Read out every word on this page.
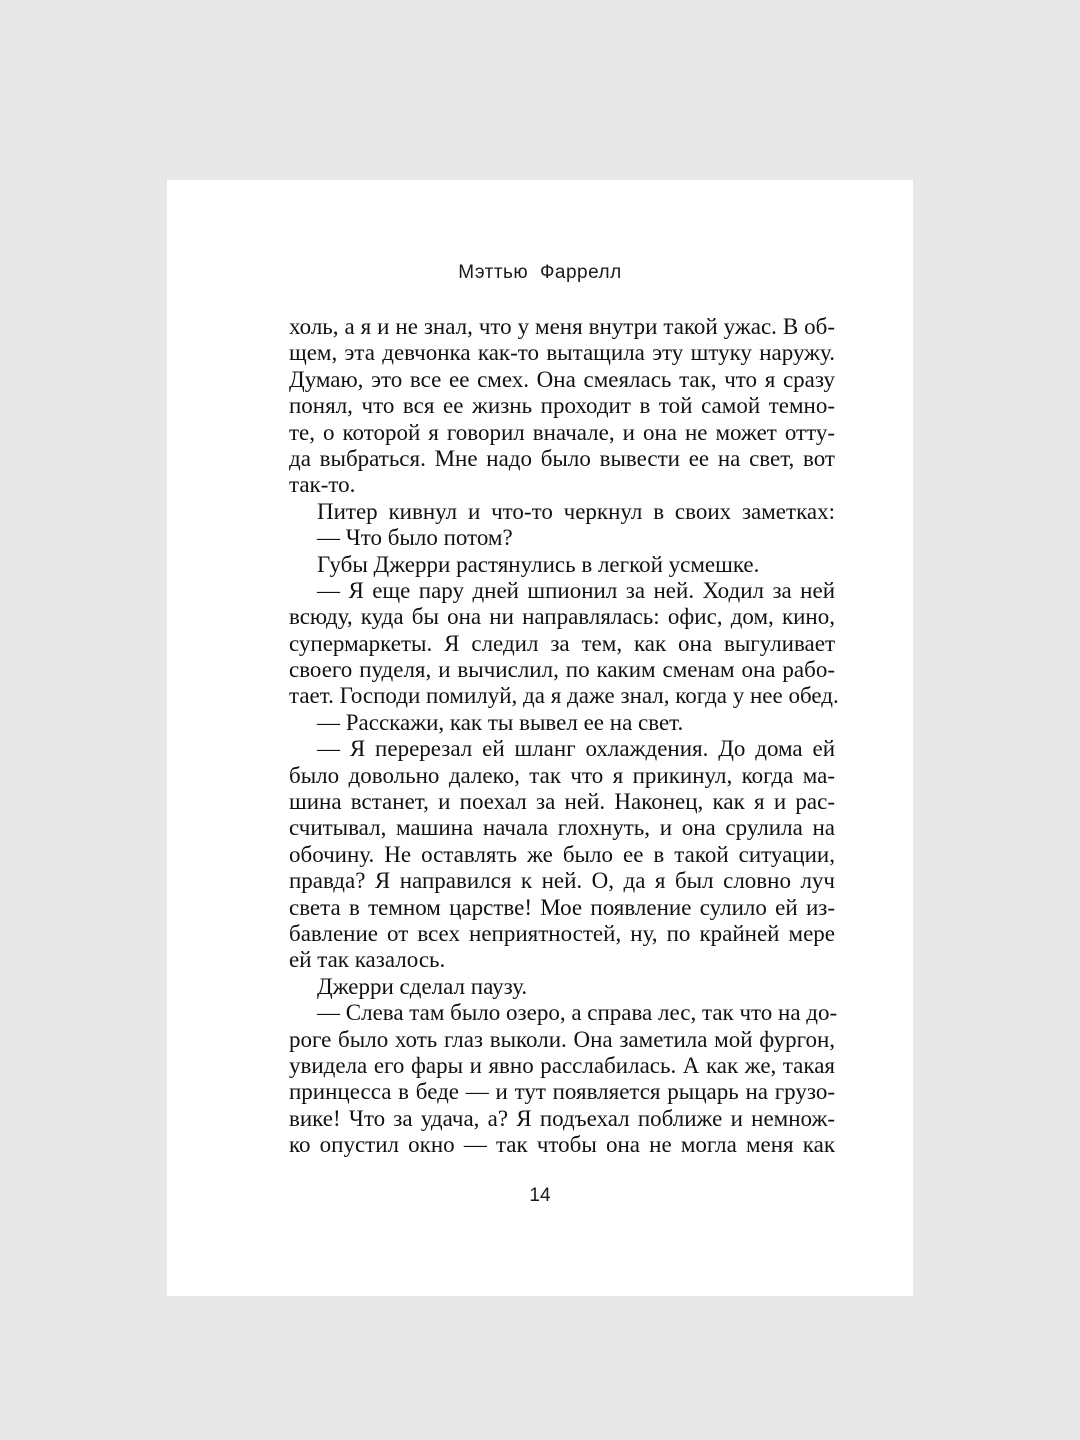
Мэттью Фаррелл
холь, а я и не знал, что у меня внутри такой ужас. В об-
щем, эта девчонка как-то вытащила эту штуку наружу.
Думаю, это все ее смех. Она смеялась так, что я сразу
понял, что вся ее жизнь проходит в той самой темно-
те, о которой я говорил вначале, и она не может отту-
да выбраться. Мне надо было вывести ее на свет, вот
так-то.
Питер кивнул и что-то черкнул в своих заметках:
— Что было потом?
Губы Джерри растянулись в легкой усмешке.
— Я еще пару дней шпионил за ней. Ходил за ней
всюду, куда бы она ни направлялась: офис, дом, кино,
супермаркеты. Я следил за тем, как она выгуливает
своего пуделя, и вычислил, по каким сменам она рабо-
тает. Господи помилуй, да я даже знал, когда у нее обед.
— Расскажи, как ты вывел ее на свет.
— Я перерезал ей шланг охлаждения. До дома ей
было довольно далеко, так что я прикинул, когда ма-
шина встанет, и поехал за ней. Наконец, как я и рас-
считывал, машина начала глохнуть, и она срулила на
обочину. Не оставлять же было ее в такой ситуации,
правда? Я направился к ней. О, да я был словно луч
света в темном царстве! Мое появление сулило ей из-
бавление от всех неприятностей, ну, по крайней мере
ей так казалось.
Джерри сделал паузу.
— Слева там было озеро, а справа лес, так что на до-
роге было хоть глаз выколи. Она заметила мой фургон,
увидела его фары и явно расслабилась. А как же, такая
принцесса в беде — и тут появляется рыцарь на грузо-
вике! Что за удача, а? Я подъехал поближе и немнож-
ко опустил окно — так чтобы она не могла меня как
14
